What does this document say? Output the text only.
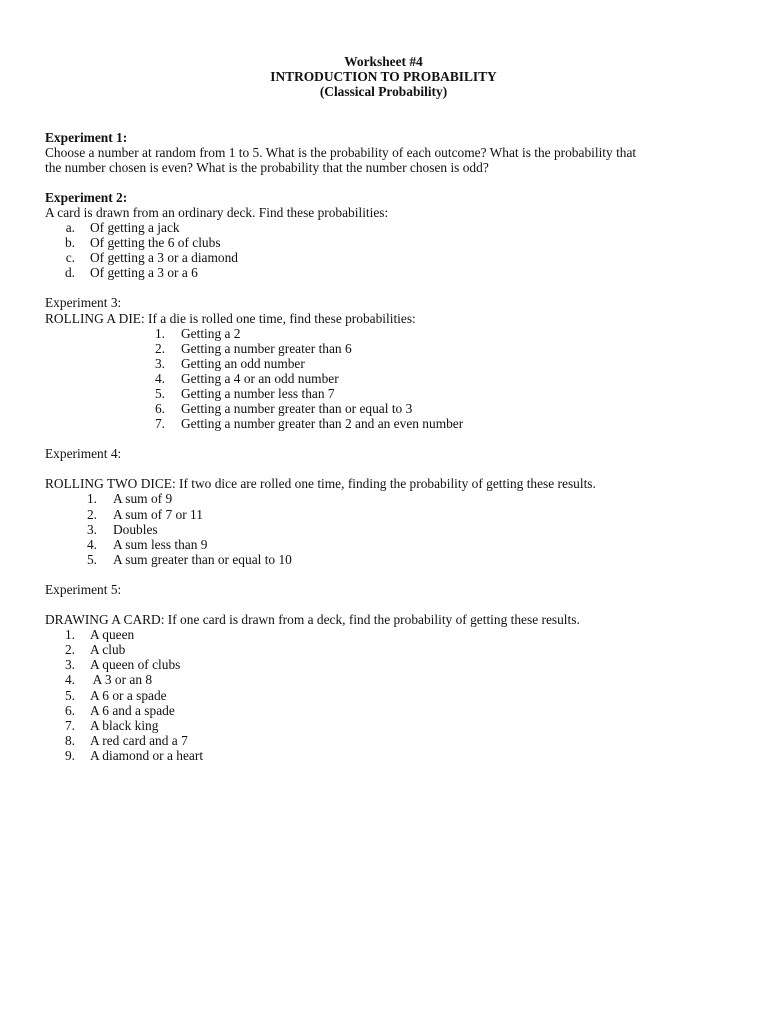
Worksheet #4
INTRODUCTION TO PROBABILITY
(Classical Probability)

Experiment 1:

Choose a number at random from 1 to 5. What is the probability of each outcome? What is the probability that

the number chosen is even? What is the probability that the number chosen is odd?

Experiment 2:

A card is drawn from an ordinary deck. Find these probabilities:

a. Of getting a jack
b. Of getting the 6 of clubs
c. Of getting a 3 or a diamond
d. Of getting a 3 or a 6

Experiment 3:

ROLLING A DIE: If a die is rolled one time, find these probabilities:

1. Getting a 2
2. Getting a number greater than 6
3. Getting an odd number
4. Getting a 4 or an odd number
5. Getting a number less than 7
6. Getting a number greater than or equal to 3
7. Getting a number greater than 2 and an even number

Experiment 4:

ROLLING TWO DICE: If two dice are rolled one time, finding the probability of getting these results.

1. A sum of 9
2. A sum of 7 or 11
3. Doubles
4. A sum less than 9
5. A sum greater than or equal to 10

Experiment 5:

DRAWING A CARD: If one card is drawn from a deck, find the probability of getting these results.

1. A queen
2. A club
3. A queen of clubs
4. A 3 or an 8
5. A 6 or a spade
6. A 6 and a spade
7. A black king
8. A red card and a 7
9. A diamond or a heart
